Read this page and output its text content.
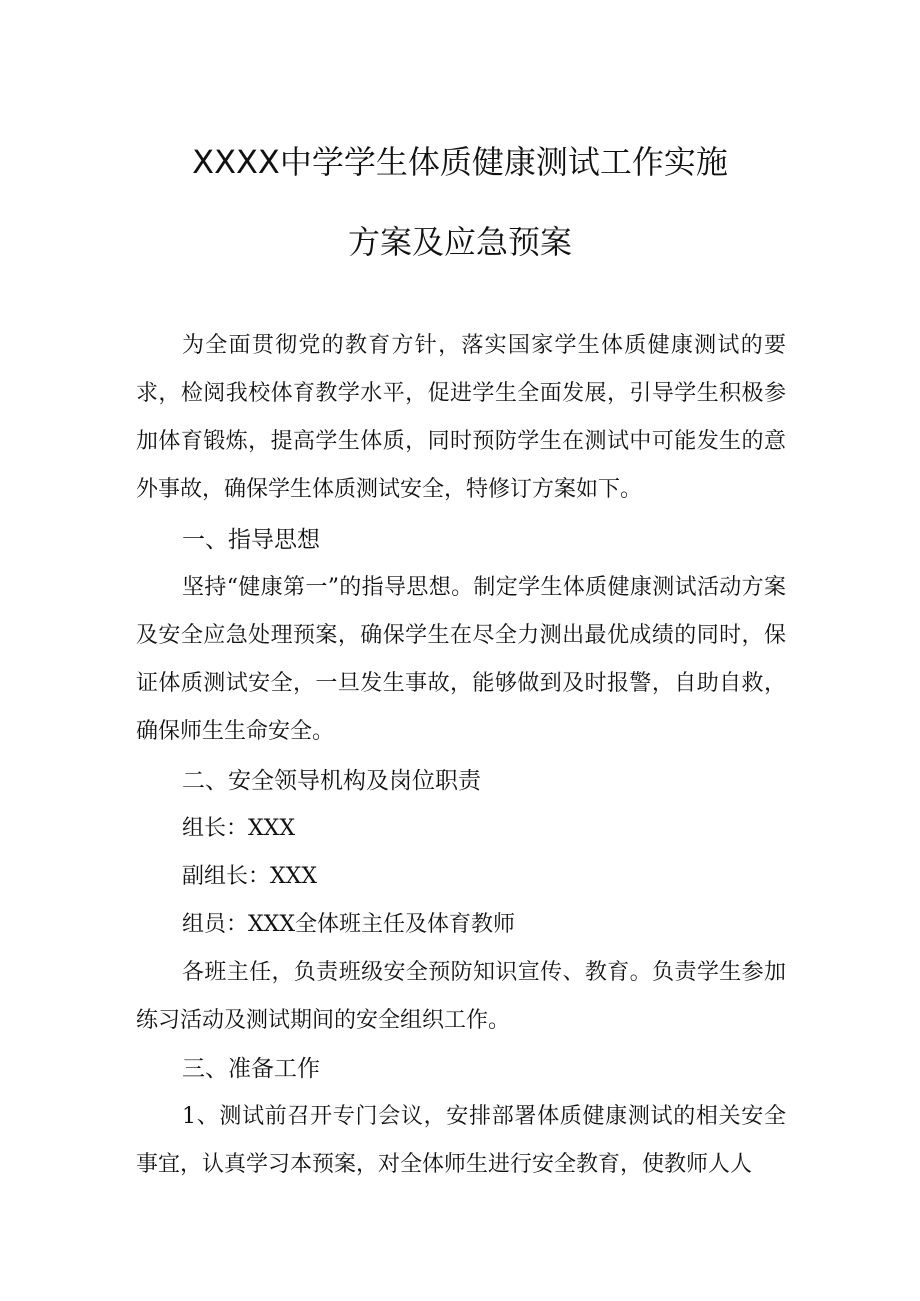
XXXX中学学生体质健康测试工作实施
方案及应急预案

为全面贯彻党的教育方针，落实国家学生体质健康测试的要求，检阅我校体育教学水平，促进学生全面发展，引导学生积极参加体育锻炼，提高学生体质，同时预防学生在测试中可能发生的意外事故，确保学生体质测试安全，特修订方案如下。

一、指导思想

坚持“健康第一”的指导思想。制定学生体质健康测试活动方案及安全应急处理预案，确保学生在尽全力测出最优成绩的同时，保证体质测试安全，一旦发生事故，能够做到及时报警，自助自救，确保师生生命安全。

二、安全领导机构及岗位职责

组长：XXX

副组长：XXX

组员：XXX全体班主任及体育教师

各班主任，负责班级安全预防知识宣传、教育。负责学生参加练习活动及测试期间的安全组织工作。

三、准备工作

1、测试前召开专门会议，安排部署体质健康测试的相关安全事宜，认真学习本预案，对全体师生进行安全教育，使教师人人
